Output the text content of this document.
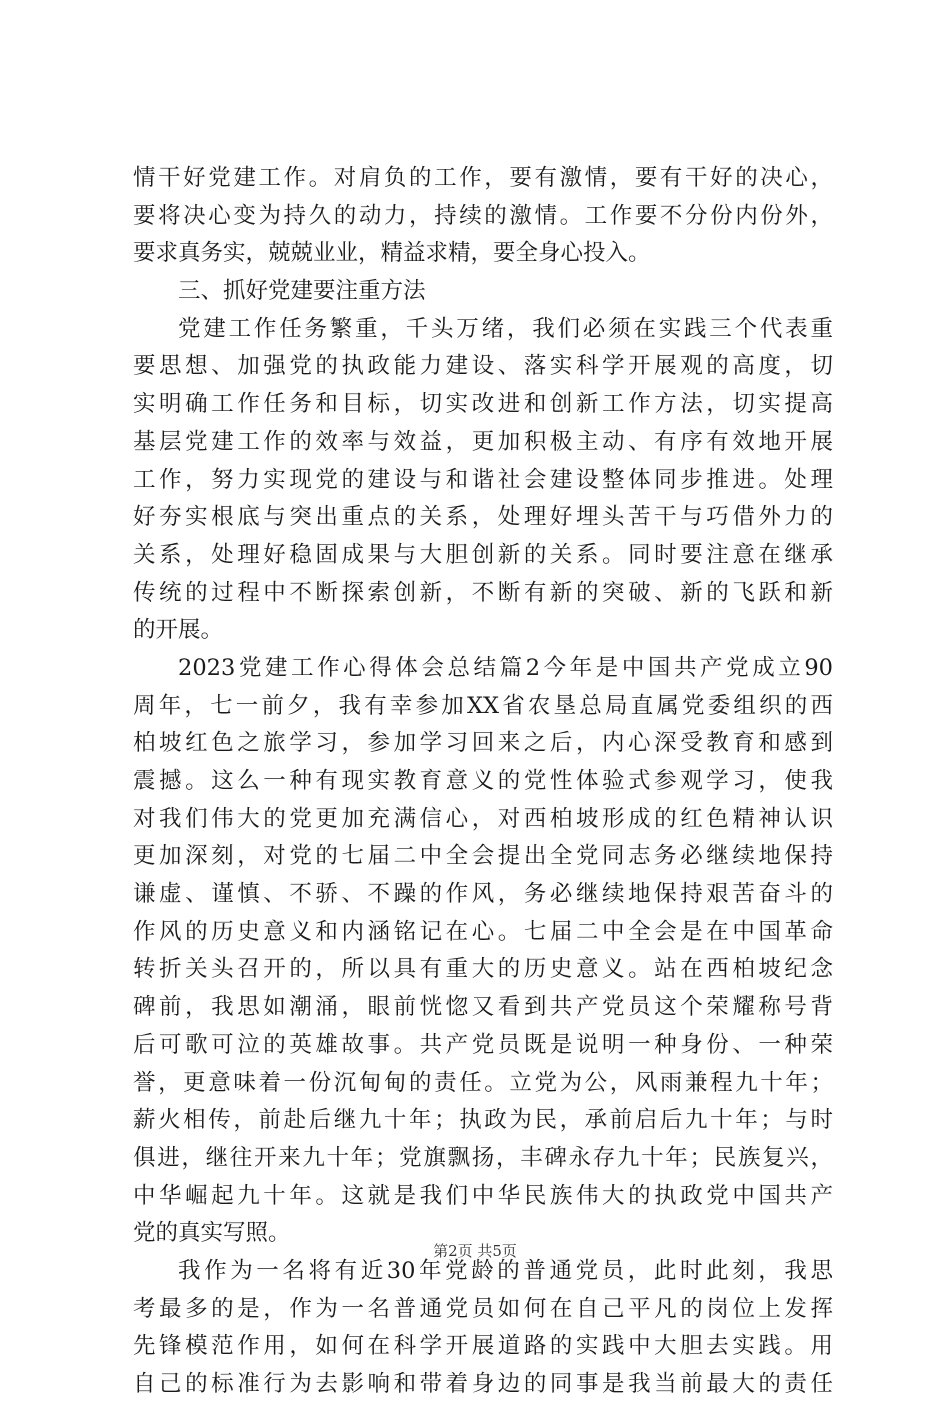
情干好党建工作。对肩负的工作，要有激情，要有干好的决心，
要将决心变为持久的动力，持续的激情。工作要不分份内份外，
要求真务实，兢兢业业，精益求精，要全身心投入。
三、抓好党建要注重方法
党建工作任务繁重，千头万绪，我们必须在实践三个代表重
要思想、加强党的执政能力建设、落实科学开展观的高度，切
实明确工作任务和目标，切实改进和创新工作方法，切实提高
基层党建工作的效率与效益，更加积极主动、有序有效地开展
工作，努力实现党的建设与和谐社会建设整体同步推进。处理
好夯实根底与突出重点的关系，处理好埋头苦干与巧借外力的
关系，处理好稳固成果与大胆创新的关系。同时要注意在继承
传统的过程中不断探索创新，不断有新的突破、新的飞跃和新
的开展。
2023党建工作心得体会总结篇2今年是中国共产党成立90
周年，七一前夕，我有幸参加XX省农垦总局直属党委组织的西
柏坡红色之旅学习，参加学习回来之后，内心深受教育和感到
震撼。这么一种有现实教育意义的党性体验式参观学习，使我
对我们伟大的党更加充满信心，对西柏坡形成的红色精神认识
更加深刻，对党的七届二中全会提出全党同志务必继续地保持
谦虚、谨慎、不骄、不躁的作风，务必继续地保持艰苦奋斗的
作风的历史意义和内涵铭记在心。七届二中全会是在中国革命
转折关头召开的，所以具有重大的历史意义。站在西柏坡纪念
碑前，我思如潮涌，眼前恍惚又看到共产党员这个荣耀称号背
后可歌可泣的英雄故事。共产党员既是说明一种身份、一种荣
誉，更意味着一份沉甸甸的责任。立党为公，风雨兼程九十年；
薪火相传，前赴后继九十年；执政为民，承前启后九十年；与时
俱进，继往开来九十年；党旗飘扬，丰碑永存九十年；民族复兴，
中华崛起九十年。这就是我们中华民族伟大的执政党中国共产
党的真实写照。
我作为一名将有近30年党龄的普通党员，此时此刻，我思
考最多的是，作为一名普通党员如何在自己平凡的岗位上发挥
先锋模范作用，如何在科学开展道路的实践中大胆去实践。用
自己的标准行为去影响和带着身边的同事是我当前最大的责任
第2页 共5页
